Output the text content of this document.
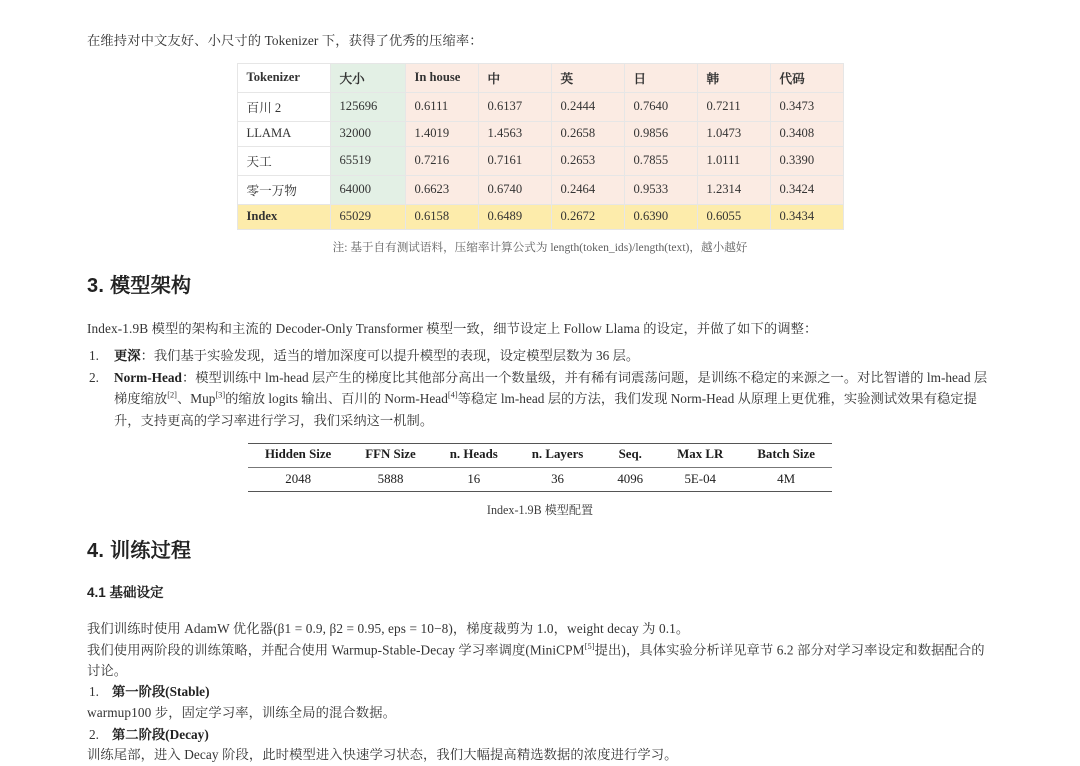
在维持对中文友好、小尺寸的 Tokenizer 下，获得了优秀的压缩率：

Tokenizer	大小	In house	中	英	日	韩	代码
百川 2	125696	0.6111	0.6137	0.2444	0.7640	0.7211	0.3473
LLAMA	32000	1.4019	1.4563	0.2658	0.9856	1.0473	0.3408
天工	65519	0.7216	0.7161	0.2653	0.7855	1.0111	0.3390
零一万物	64000	0.6623	0.6740	0.2464	0.9533	1.2314	0.3424
Index	65029	0.6158	0.6489	0.2672	0.6390	0.6055	0.3434
注: 基于自有测试语料，压缩率计算公式为 length(token_ids)/length(text)，越小越好
3. 模型架构

Index-1.9B 模型的架构和主流的 Decoder-Only Transformer 模型一致，细节设定上 Follow Llama 的设定，并做了如下的调整：

更深：我们基于实验发现，适当的增加深度可以提升模型的表现，设定模型层数为 36 层。
Norm-Head：模型训练中 lm-head 层产生的梯度比其他部分高出一个数量级，并有稀有词震荡问题，是训练不稳定的来源之一。对比智谱的 lm-head 层梯度缩放[2]、Mup[3]的缩放 logits 输出、百川的 Norm-Head[4]等稳定 lm-head 层的方法，我们发现 Norm-Head 从原理上更优雅，实验测试效果有稳定提升，支持更高的学习率进行学习，我们采纳这一机制。
Hidden Size	FFN Size	n. Heads	n. Layers	Seq.	Max LR	Batch Size
2048	5888	16	36	4096	5E-04	4M
Index-1.9B 模型配置
4. 训练过程
4.1 基础设定

我们训练时使用 AdamW 优化器(β1 = 0.9, β2 = 0.95, eps = 10−8)，梯度裁剪为 1.0，weight decay 为 0.1。

我们使用两阶段的训练策略，并配合使用 Warmup-Stable-Decay 学习率调度(MiniCPM[5]提出)，具体实验分析详见章节 6.2 部分对学习率设定和数据配合的讨论。

第一阶段(Stable)

warmup100 步，固定学习率，训练全局的混合数据。

第二阶段(Decay)

训练尾部，进入 Decay 阶段，此时模型进入快速学习状态，我们大幅提高精选数据的浓度进行学习。
